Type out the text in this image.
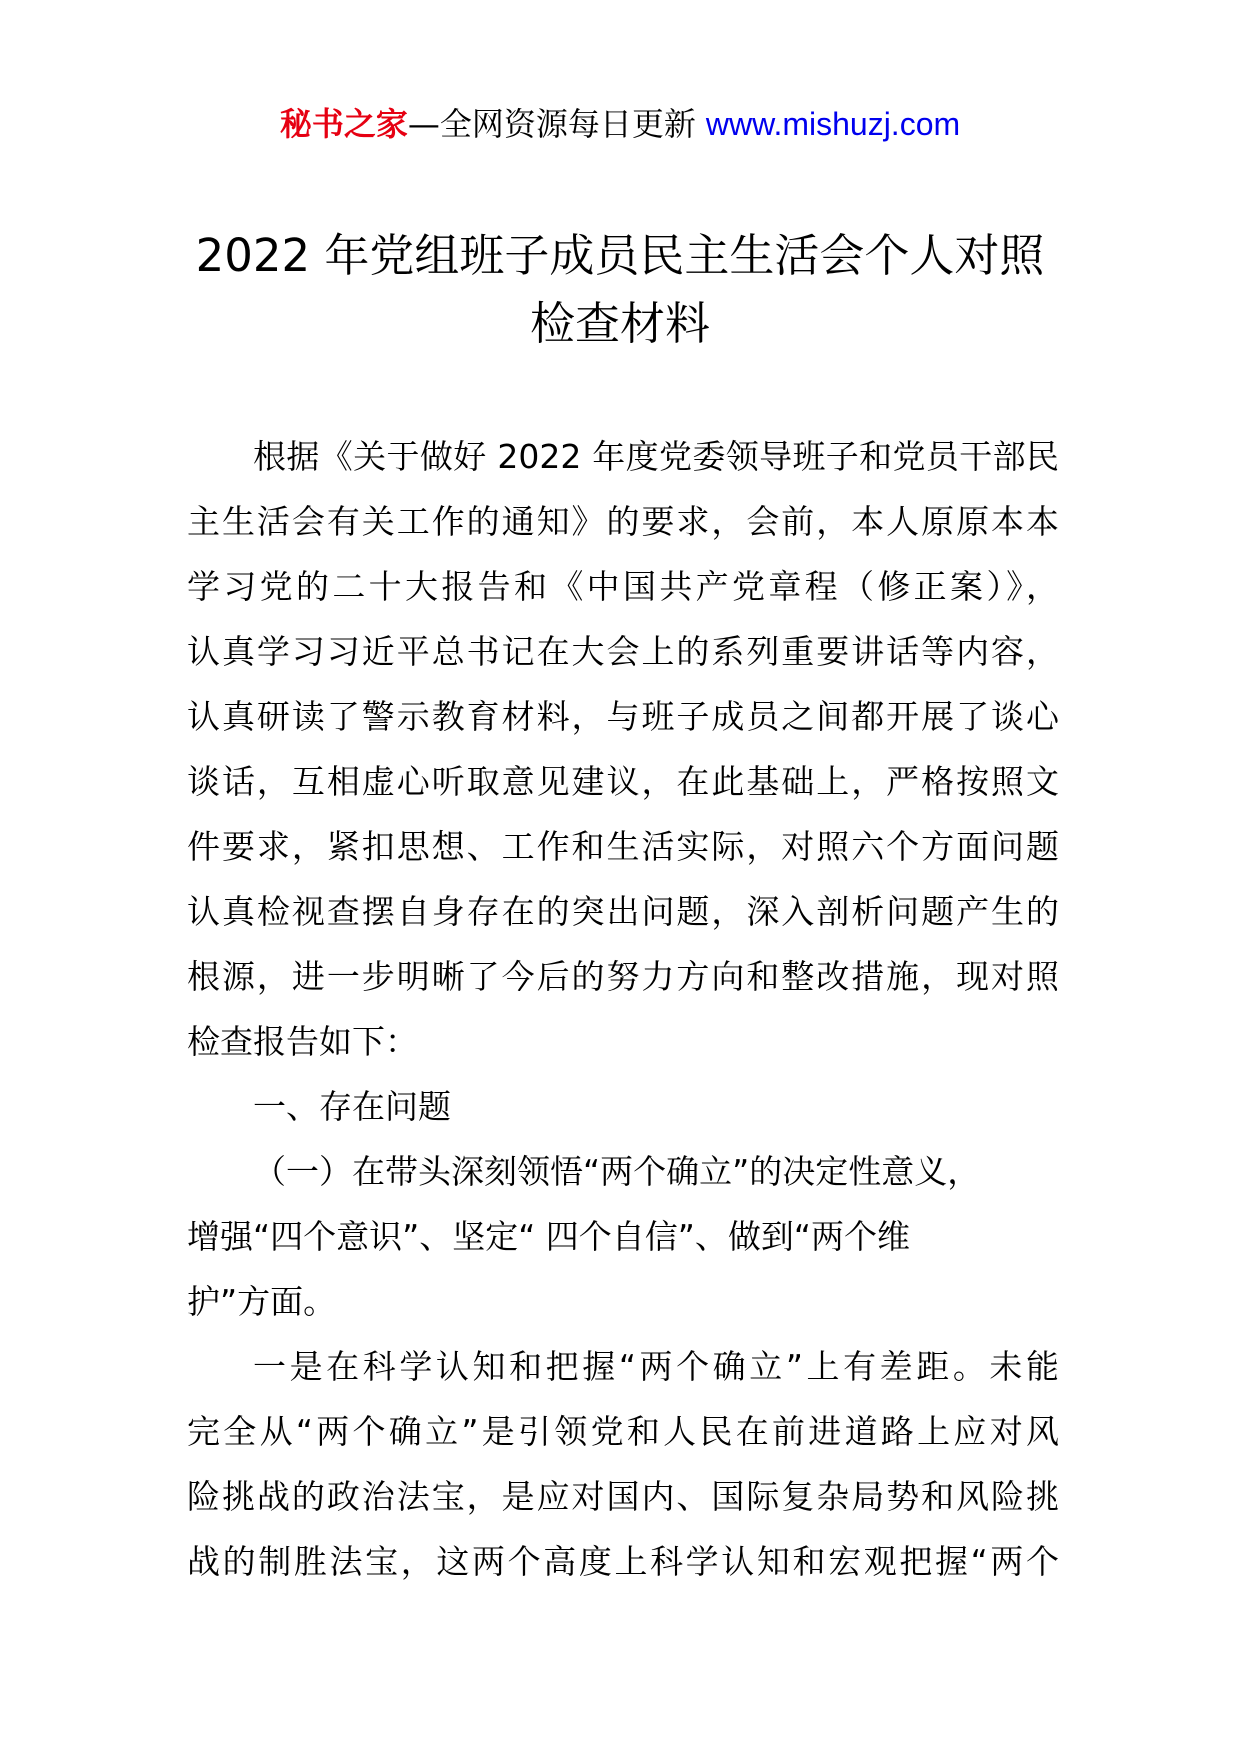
秘书之家—全网资源每日更新 www.mishuzj.com
2022 年党组班子成员民主生活会个人对照
检查材料
根据《关于做好 2022 年度党委领导班子和党员干部民
主生活会有关工作的通知》的要求，会前，本人原原本本
学习党的二十大报告和《中国共产党章程（修正案）》，
认真学习习近平总书记在大会上的系列重要讲话等内容，
认真研读了警示教育材料，与班子成员之间都开展了谈心
谈话，互相虚心听取意见建议，在此基础上，严格按照文
件要求，紧扣思想、工作和生活实际，对照六个方面问题
认真检视查摆自身存在的突出问题，深入剖析问题产生的
根源，进一步明晰了今后的努力方向和整改措施，现对照
检查报告如下：
一、存在问题
（一）在带头深刻领悟“两个确立”的决定性意义，
增强“四个意识”、坚定“ 四个自信”、做到“两个维
护”方面。
一是在科学认知和把握“两个确立”上有差距。未能
完全从“两个确立”是引领党和人民在前进道路上应对风
险挑战的政治法宝，是应对国内、国际复杂局势和风险挑
战的制胜法宝，这两个高度上科学认知和宏观把握“两个
